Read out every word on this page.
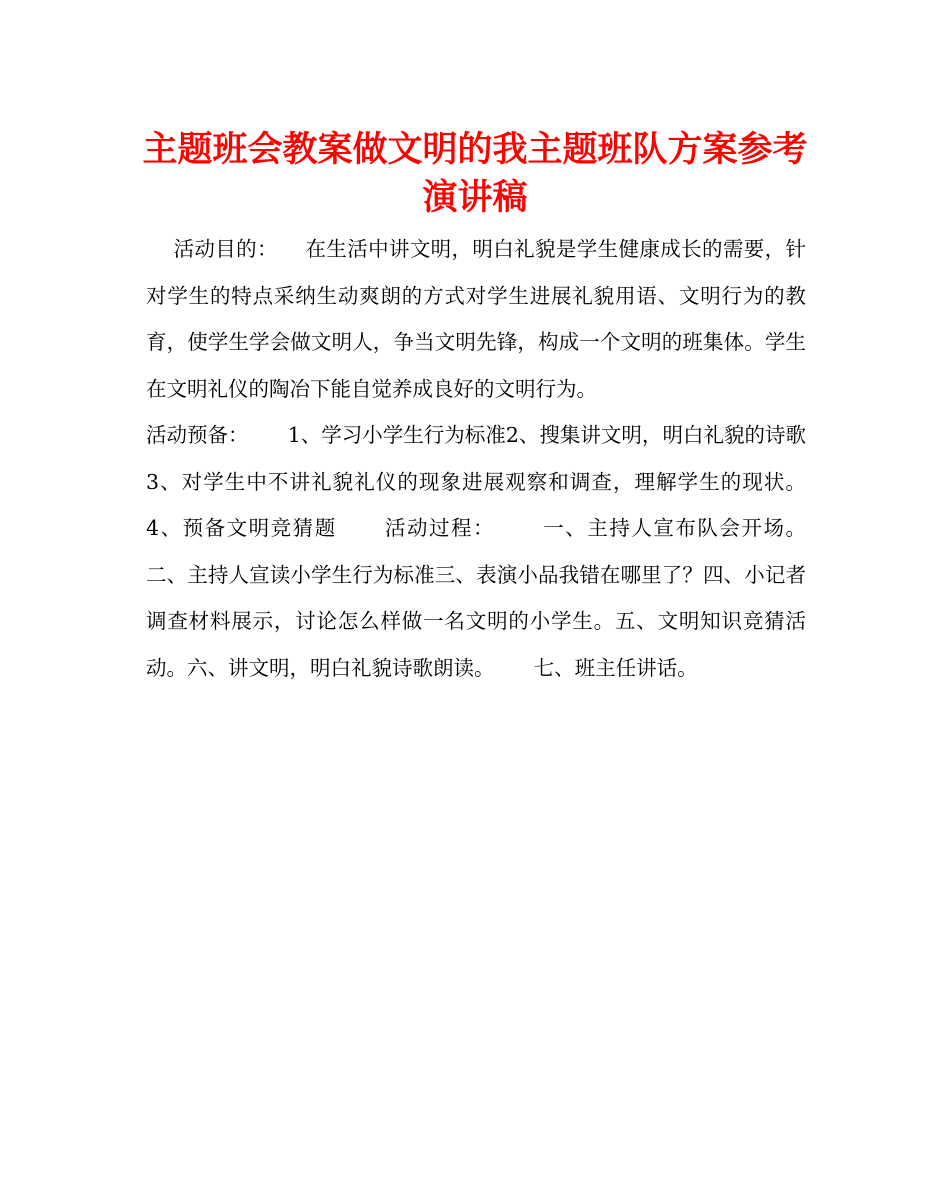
主题班会教案做文明的我主题班队方案参考演讲稿

活动目的：    在生活中讲文明，明白礼貌是学生健康成长的需要，针对学生的特点采纳生动爽朗的方式对学生进展礼貌用语、文明行为的教育，使学生学会做文明人，争当文明先锋，构成一个文明的班集体。学生在文明礼仪的陶冶下能自觉养成良好的文明行为。
活动预备：      1、学习小学生行为标准2、搜集讲文明，明白礼貌的诗歌3、对学生中不讲礼貌礼仪的现象进展观察和调查，理解学生的现状。4、预备文明竞猜题      活动过程：      一、主持人宣布队会开场。      二、主持人宣读小学生行为标准三、表演小品我错在哪里了？四、小记者调查材料展示，讨论怎么样做一名文明的小学生。五、文明知识竞猜活动。六、讲文明，明白礼貌诗歌朗读。      七、班主任讲话。
